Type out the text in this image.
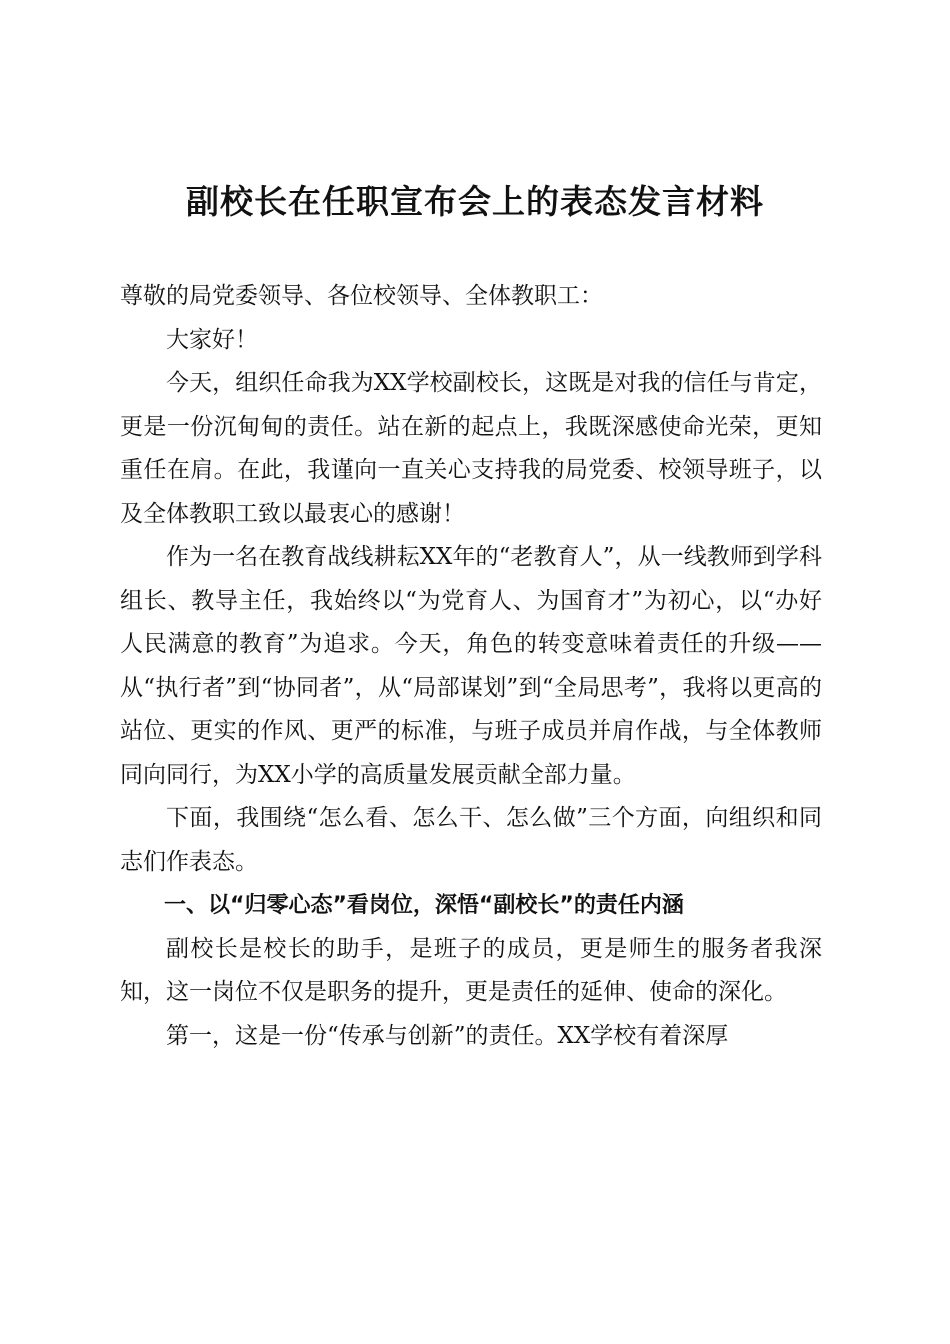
副校长在任职宣布会上的表态发言材料

尊敬的局党委领导、各位校领导、全体教职工：

大家好！

今天，组织任命我为XX学校副校长，这既是对我的信任与肯定，更是一份沉甸甸的责任。站在新的起点上，我既深感使命光荣，更知重任在肩。在此，我谨向一直关心支持我的局党委、校领导班子，以及全体教职工致以最衷心的感谢！

作为一名在教育战线耕耘XX年的“老教育人”，从一线教师到学科组长、教导主任，我始终以“为党育人、为国育才”为初心，以“办好人民满意的教育”为追求。今天，角色的转变意味着责任的升级——从“执行者”到“协同者”，从“局部谋划”到“全局思考”，我将以更高的站位、更实的作风、更严的标准，与班子成员并肩作战，与全体教师同向同行，为XX小学的高质量发展贡献全部力量。

下面，我围绕“怎么看、怎么干、怎么做”三个方面，向组织和同志们作表态。

一、以“归零心态”看岗位，深悟“副校长”的责任内涵

副校长是校长的助手，是班子的成员，更是师生的服务者我深知，这一岗位不仅是职务的提升，更是责任的延伸、使命的深化。

第一，这是一份“传承与创新”的责任。XX学校有着深厚
